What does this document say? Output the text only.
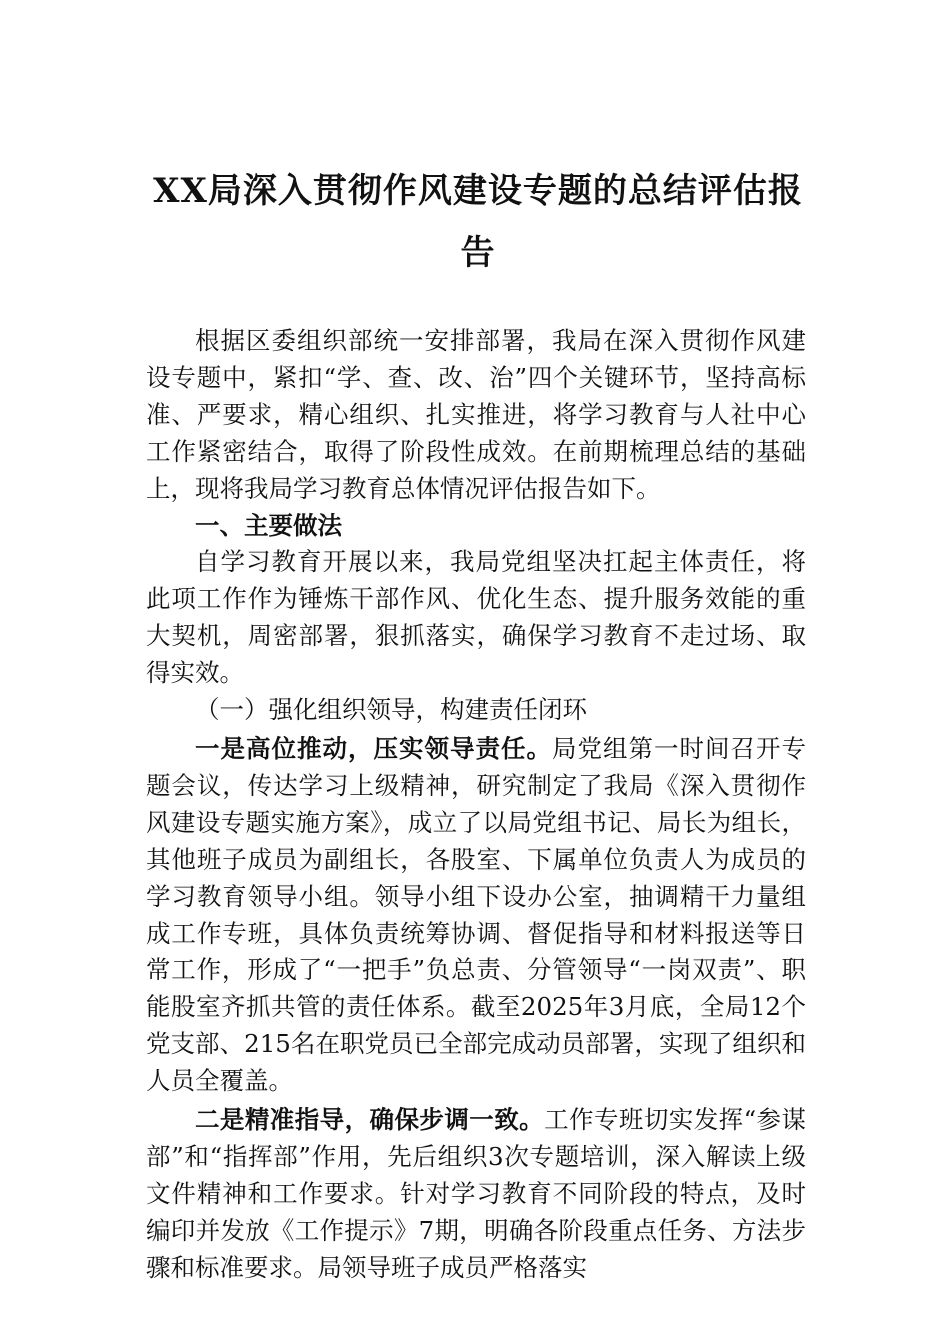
XX局深入贯彻作风建设专题的总结评估报告

根据区委组织部统一安排部署，我局在深入贯彻作风建设专题中，紧扣“学、查、改、治”四个关键环节，坚持高标准、严要求，精心组织、扎实推进，将学习教育与人社中心工作紧密结合，取得了阶段性成效。在前期梳理总结的基础上，现将我局学习教育总体情况评估报告如下。

一、主要做法

自学习教育开展以来，我局党组坚决扛起主体责任，将此项工作作为锤炼干部作风、优化生态、提升服务效能的重大契机，周密部署，狠抓落实，确保学习教育不走过场、取得实效。

（一）强化组织领导，构建责任闭环

一是高位推动，压实领导责任。局党组第一时间召开专题会议，传达学习上级精神，研究制定了我局《深入贯彻作风建设专题实施方案》，成立了以局党组书记、局长为组长，其他班子成员为副组长，各股室、下属单位负责人为成员的学习教育领导小组。领导小组下设办公室，抽调精干力量组成工作专班，具体负责统筹协调、督促指导和材料报送等日常工作，形成了“一把手”负总责、分管领导“一岗双责”、职能股室齐抓共管的责任体系。截至2025年3月底，全局12个党支部、215名在职党员已全部完成动员部署，实现了组织和人员全覆盖。

二是精准指导，确保步调一致。工作专班切实发挥“参谋部”和“指挥部”作用，先后组织3次专题培训，深入解读上级文件精神和工作要求。针对学习教育不同阶段的特点，及时编印并发放《工作提示》7期，明确各阶段重点任务、方法步骤和标准要求。局领导班子成员严格落实
